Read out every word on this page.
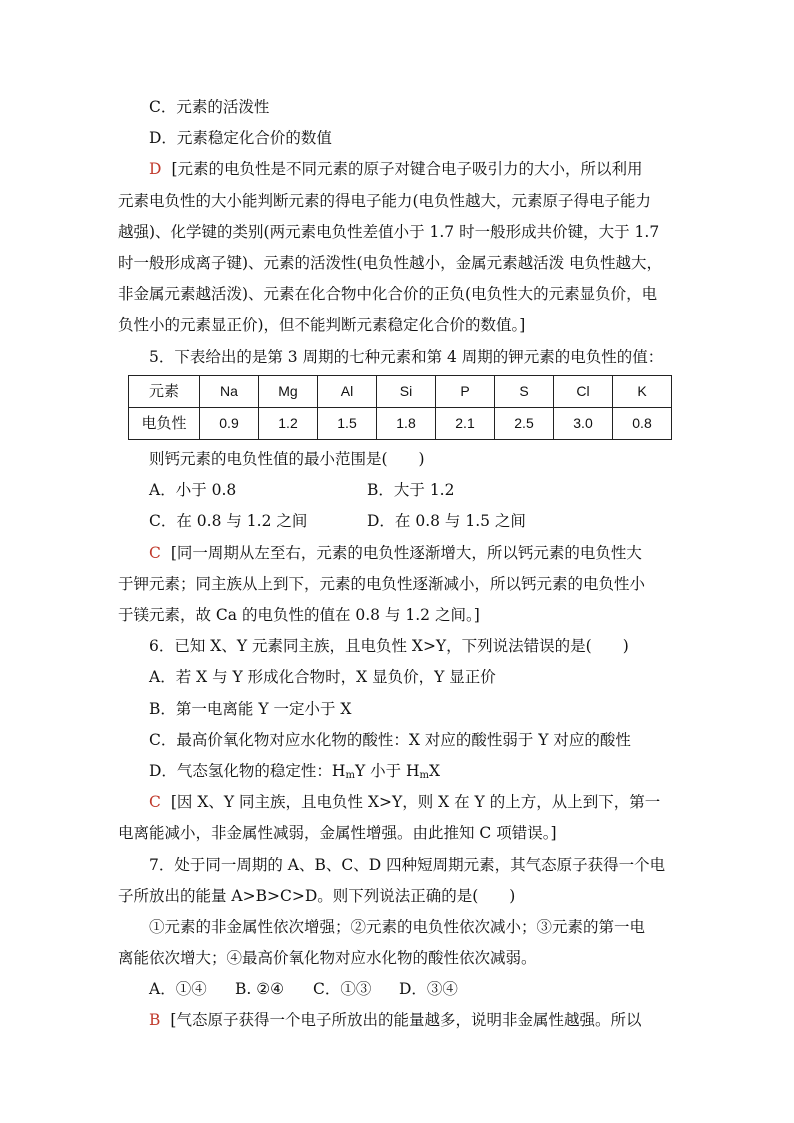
C．元素的活泼性
D．元素稳定化合价的数值
D [元素的电负性是不同元素的原子对键合电子吸引力的大小，所以利用
元素电负性的大小能判断元素的得电子能力(电负性越大，元素原子得电子能力
越强)、化学键的类别(两元素电负性差值小于 1.7 时一般形成共价键，大于 1.7
时一般形成离子键)、元素的活泼性(电负性越小，金属元素越活泼 电负性越大，
非金属元素越活泼)、元素在化合物中化合价的正负(电负性大的元素显负价，电
负性小的元素显正价)，但不能判断元素稳定化合价的数值。]
5．下表给出的是第 3 周期的七种元素和第 4 周期的钾元素的电负性的值：
元素	Na	Mg	Al	Si	P	S	Cl	K
电负性	0.9	1.2	1.5	1.8	2.1	2.5	3.0	0.8
则钙元素的电负性值的最小范围是(　　)
A．小于 0.8	B．大于 1.2
C．在 0.8 与 1.2 之间	D．在 0.8 与 1.5 之间
C [同一周期从左至右，元素的电负性逐渐增大，所以钙元素的电负性大
于钾元素；同主族从上到下，元素的电负性逐渐减小，所以钙元素的电负性小
于镁元素，故 Ca 的电负性的值在 0.8 与 1.2 之间。]
6．已知 X、Y 元素同主族，且电负性 X>Y，下列说法错误的是(　　)
A．若 X 与 Y 形成化合物时，X 显负价，Y 显正价
B．第一电离能 Y 一定小于 X
C．最高价氧化物对应水化物的酸性：X 对应的酸性弱于 Y 对应的酸性
D．气态氢化物的稳定性：$H_mY$ 小于 $H_mX$
C [因 X、Y 同主族，且电负性 X>Y，则 X 在 Y 的上方，从上到下，第一
电离能减小，非金属性减弱，金属性增强。由此推知 C 项错误。]
7．处于同一周期的 A、B、C、D 四种短周期元素，其气态原子获得一个电
子所放出的能量 A>B>C>D。则下列说法正确的是(　　)
①元素的非金属性依次增强；②元素的电负性依次减小；③元素的第一电
离能依次增大；④最高价氧化物对应水化物的酸性依次减弱。
A．①④	B. ②④	C．①③	D．③④
B [气态原子获得一个电子所放出的能量越多，说明非金属性越强。所以
